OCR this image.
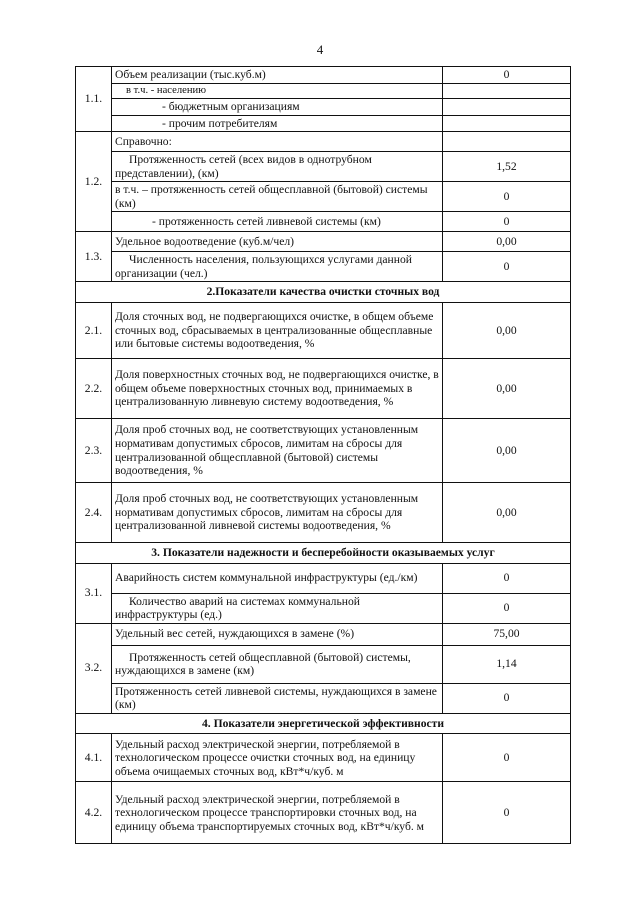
4
1.1.	Объем реализации (тыс.куб.м)	0
	в т.ч. - населению	
	- бюджетным организациям	
	- прочим потребителям	
1.2.	Справочно:	
	Протяженность сетей (всех видов в однотрубном представлении), (км)	1,52
	в т.ч. – протяженность сетей общесплавной (бытовой) системы (км)	0
	- протяженность сетей ливневой системы (км)	0
1.3.	Удельное водоотведение (куб.м/чел)	0,00
	Численность населения, пользующихся услугами данной организации (чел.)	0
2.Показатели качества очистки сточных вод		
2.1.	Доля сточных вод, не подвергающихся очистке, в общем объеме сточных вод, сбрасываемых в централизованные общесплавные или бытовые системы водоотведения, %	0,00
2.2.	Доля поверхностных сточных вод, не подвергающихся очистке, в общем объеме поверхностных сточных вод, принимаемых в централизованную ливневую систему водоотведения, %	0,00
2.3.	Доля проб сточных вод, не соответствующих установленным нормативам допустимых сбросов, лимитам на сбросы для централизованной общесплавной (бытовой) системы водоотведения, %	0,00
2.4.	Доля проб сточных вод, не соответствующих установленным нормативам допустимых сбросов, лимитам на сбросы для централизованной ливневой системы водоотведения, %	0,00
3. Показатели надежности и бесперебойности оказываемых услуг		
3.1.	Аварийность систем коммунальной инфраструктуры (ед./км)	0
	Количество аварий на системах коммунальной инфраструктуры (ед.)	0
3.2.	Удельный вес сетей, нуждающихся в замене (%)	75,00
	Протяженность сетей общесплавной (бытовой) системы, нуждающихся в замене (км)	1,14
	Протяженность сетей ливневой системы, нуждающихся в замене (км)	0
4. Показатели энергетической эффективности		
4.1.	Удельный расход электрической энергии, потребляемой в технологическом процессе очистки сточных вод, на единицу объема очищаемых сточных вод, кВт*ч/куб. м	0
4.2.	Удельный расход электрической энергии, потребляемой в технологическом процессе транспортировки сточных вод, на единицу объема транспортируемых сточных вод, кВт*ч/куб. м	0
